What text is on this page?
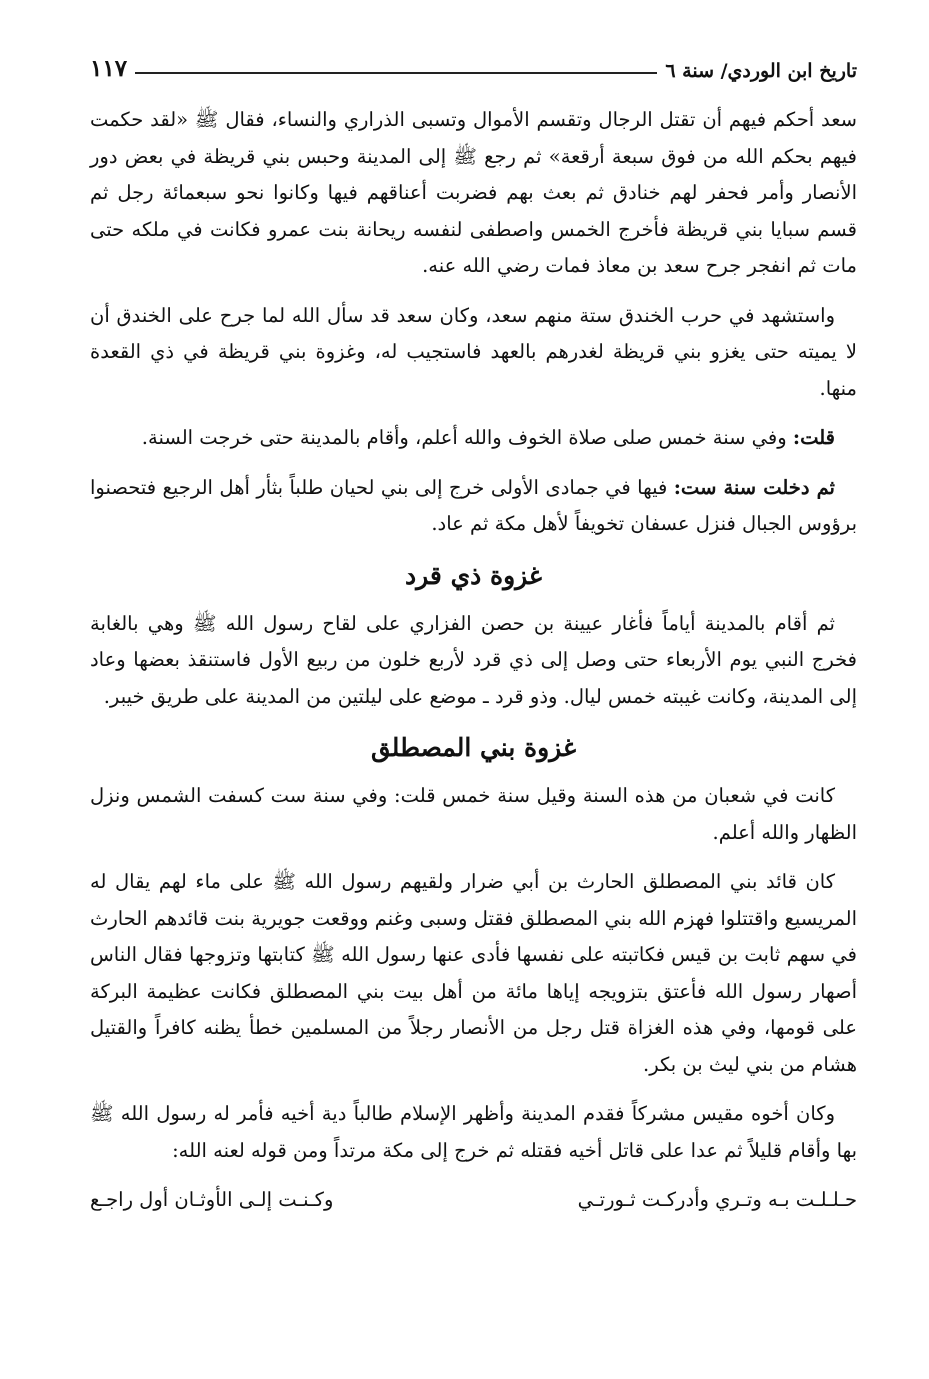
تاريخ ابن الوردي/ سنة ٦
١١٧

سعد أحكم فيهم أن تقتل الرجال وتقسم الأموال وتسبى الذراري والنساء، فقال ﷺ «لقد حكمت فيهم بحكم الله من فوق سبعة أرقعة» ثم رجع ﷺ إلى المدينة وحبس بني قريظة في بعض دور الأنصار وأمر فحفر لهم خنادق ثم بعث بهم فضربت أعناقهم فيها وكانوا نحو سبعمائة رجل ثم قسم سبايا بني قريظة فأخرج الخمس واصطفى لنفسه ريحانة بنت عمرو فكانت في ملكه حتى مات ثم انفجر جرح سعد بن معاذ فمات رضي الله عنه.

واستشهد في حرب الخندق ستة منهم سعد، وكان سعد قد سأل الله لما جرح على الخندق أن لا يميته حتى يغزو بني قريظة لغدرهم بالعهد فاستجيب له، وغزوة بني قريظة في ذي القعدة منها.

قلت: وفي سنة خمس صلى صلاة الخوف والله أعلم، وأقام بالمدينة حتى خرجت السنة.

ثم دخلت سنة ست: فيها في جمادى الأولى خرج إلى بني لحيان طلباً بثأر أهل الرجيع فتحصنوا برؤوس الجبال فنزل عسفان تخويفاً لأهل مكة ثم عاد.

غزوة ذي قرد

ثم أقام بالمدينة أياماً فأغار عيينة بن حصن الفزاري على لقاح رسول الله ﷺ وهي بالغابة فخرج النبي يوم الأربعاء حتى وصل إلى ذي قرد لأربع خلون من ربيع الأول فاستنقذ بعضها وعاد إلى المدينة، وكانت غيبته خمس ليال. وذو قرد ـ موضع على ليلتين من المدينة على طريق خيبر.

غزوة بني المصطلق

كانت في شعبان من هذه السنة وقيل سنة خمس قلت: وفي سنة ست كسفت الشمس ونزل الظهار والله أعلم.

كان قائد بني المصطلق الحارث بن أبي ضرار ولقيهم رسول الله ﷺ على ماء لهم يقال له المريسيع واقتتلوا فهزم الله بني المصطلق فقتل وسبى وغنم ووقعت جويرية بنت قائدهم الحارث في سهم ثابت بن قيس فكاتبته على نفسها فأدى عنها رسول الله ﷺ كتابتها وتزوجها فقال الناس أصهار رسول الله فأعتق بتزويجه إياها مائة من أهل بيت بني المصطلق فكانت عظيمة البركة على قومها، وفي هذه الغزاة قتل رجل من الأنصار رجلاً من المسلمين خطأ يظنه كافراً والقتيل هشام من بني ليث بن بكر.

وكان أخوه مقيس مشركاً فقدم المدينة وأظهر الإسلام طالباً دية أخيه فأمر له رسول الله ﷺ بها وأقام قليلاً ثم عدا على قاتل أخيه فقتله ثم خرج إلى مكة مرتداً ومن قوله لعنه الله:

حـلـلـت بـه وتـري وأدركـت ثـورتـي
وكـنـت إلـى الأوثـان أول راجـع
